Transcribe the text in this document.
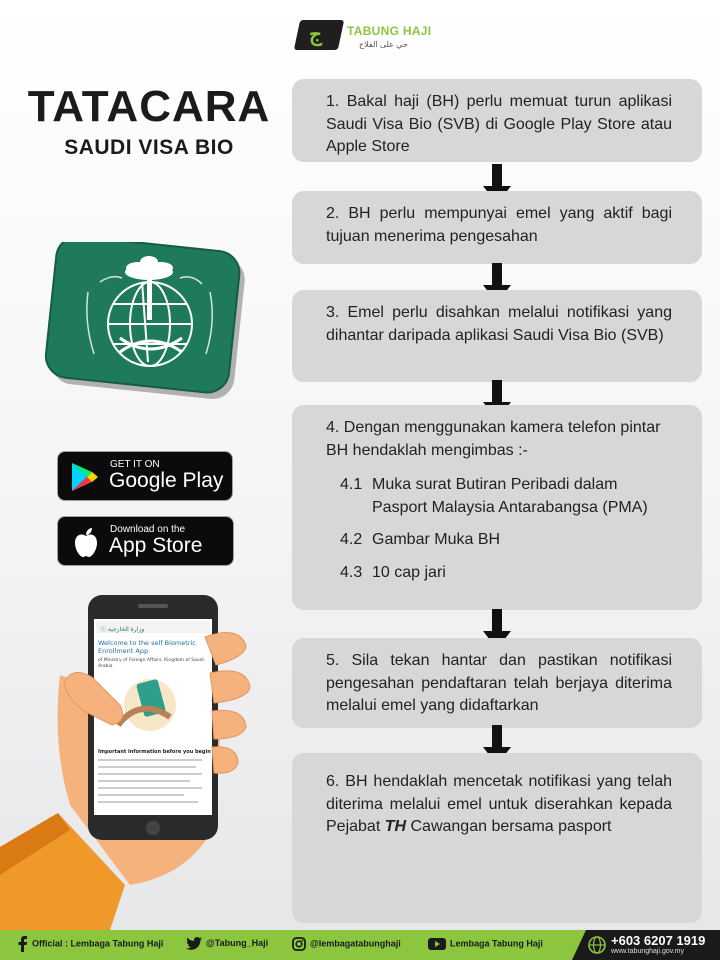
ج TABUNG HAJI
حي على الفلاح
TATACARA
SAUDI VISA BIO
GET IT ON
Google Play
Download on the
App Store
ⓢ وزارة الخارجية
Welcome to the self Biometric
Enrollment App
of Ministry of Foreign Affairs, Kingdom of Saudi
Arabia
Important information before you begin

1. Bakal haji (BH) perlu memuat turun aplikasi Saudi Visa Bio (SVB) di Google Play Store atau Apple Store

2. BH perlu mempunyai emel yang aktif bagi tujuan menerima pengesahan

3. Emel perlu disahkan melalui notifikasi yang dihantar daripada aplikasi Saudi Visa Bio (SVB)

4. Dengan menggunakan kamera telefon pintar BH hendaklah mengimbas :-

4.1 Muka surat Butiran Peribadi dalam Pasport Malaysia Antarabangsa (PMA)
4.2 Gambar Muka BH
4.3 10 cap jari

5. Sila tekan hantar dan pastikan notifikasi pengesahan pendaftaran telah berjaya diterima melalui emel yang didaftarkan

6. BH hendaklah mencetak notifikasi yang telah diterima melalui emel untuk diserahkan kepada Pejabat TH Cawangan bersama pasport

Official : Lembaga Tabung Haji	@Tabung_Haji	@lembagatabunghaji	Lembaga Tabung Haji	+603 6207 1919
www.tabunghaji.gov.my
